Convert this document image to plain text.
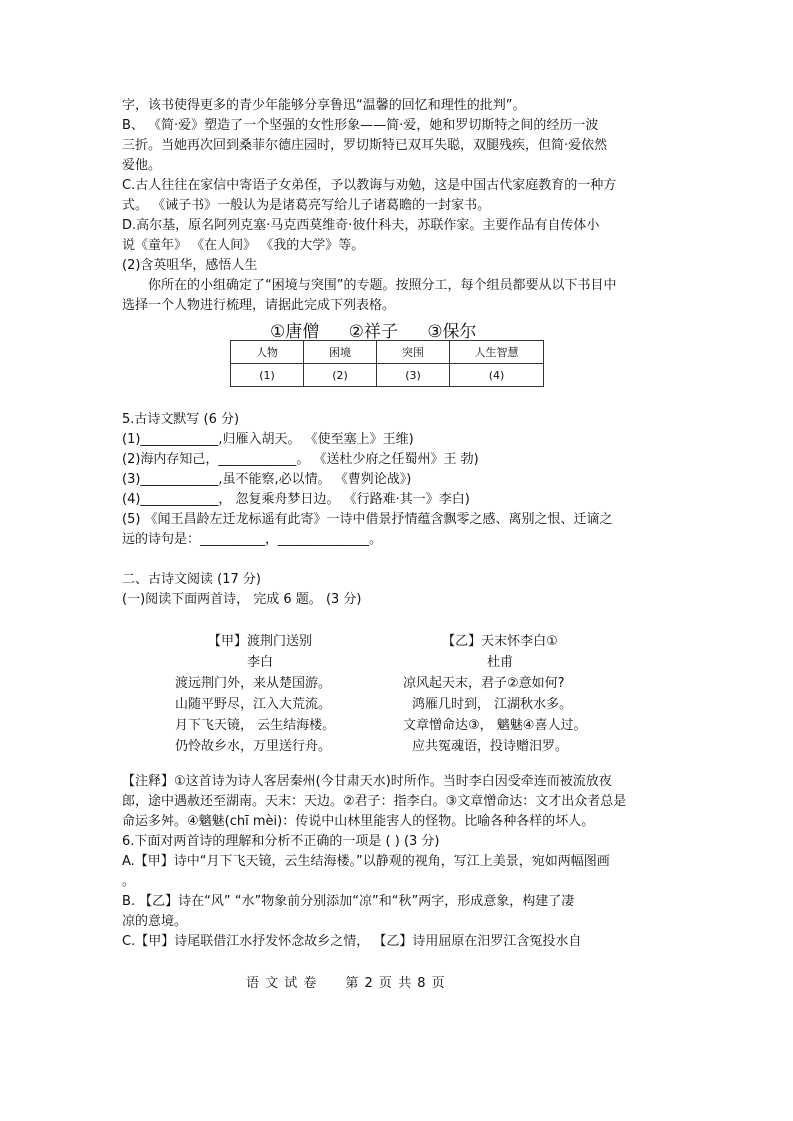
字，该书使得更多的青少年能够分享鲁迅“温馨的回忆和理性的批判”。
B、 《简·爱》塑造了一个坚强的女性形象——简·爱，她和罗切斯特之间的经历一波
三折。当她再次回到桑菲尔德庄园时，罗切斯特已双耳失聪，双腿残疾，但简·爱依然
爱他。
C.古人往往在家信中寄语子女弟侄，予以教诲与劝勉，这是中国古代家庭教育的一种方
式。 《诫子书》一般认为是诸葛亮写给儿子诸葛瞻的一封家书。
D.高尔基，原名阿列克塞·马克西莫维奇·彼什科夫，苏联作家。主要作品有自传体小
说《童年》 《在人间》 《我的大学》等。
(2)含英咀华，感悟人生
　　你所在的小组确定了“困境与突围”的专题。按照分工，每个组员都要从以下书目中
选择一个人物进行梳理，请据此完成下列表格。
①唐僧 ②祥子 ③保尔
人物	困境	突围	人生智慧
(1)	(2)	(3)	(4)
5.古诗文默写 (6 分)
(1)____________,归雁入胡天。 《使至塞上》王维)
(2)海内存知己，____________。 《送杜少府之任蜀州》王 勃)
(3)____________,虽不能察,必以情。 《曹刿论战》)
(4)____________， 忽复乘舟梦日边。 《行路难·其一》李白)
(5) 《闻王昌龄左迁龙标遥有此寄》一诗中借景抒情蕴含飘零之感、离别之恨、迁谪之
远的诗句是：__________，______________。
二、古诗文阅读 (17 分)
(一)阅读下面两首诗， 完成 6 题。 (3 分)
【甲】渡荆门送别
李白
渡远荆门外，来从楚国游。
山随平野尽，江入大荒流。
月下飞天镜， 云生结海楼。
仍怜故乡水，万里送行舟。
【乙】天末怀李白①
杜甫
凉风起天末，君子②意如何?
鸿雁几时到， 江湖秋水多。
文章憎命达③， 魑魅④喜人过。
应共冤魂语，投诗赠汨罗。
【注释】①这首诗为诗人客居秦州(今甘肃天水)时所作。当时李白因受牵连而被流放夜
郎，途中遇赦还至湖南。天末：天边。②君子：指李白。③文章憎命达：文才出众者总是
命运多舛。④魑魅(chī mèi)：传说中山林里能害人的怪物。比喻各种各样的坏人。
6.下面对两首诗的理解和分析不正确的一项是 ( ) (3 分)
A.【甲】诗中“月下飞天镜，云生结海楼。”以静观的视角，写江上美景，宛如两幅图画
。
B. 【乙】诗在“风” “水”物象前分别添加“凉”和“秋”两字，形成意象，构建了凄
凉的意境。
C.【甲】诗尾联借江水抒发怀念故乡之情， 【乙】诗用屈原在汨罗江含冤投水自
语 文 试 卷　　第 2 页 共 8 页
